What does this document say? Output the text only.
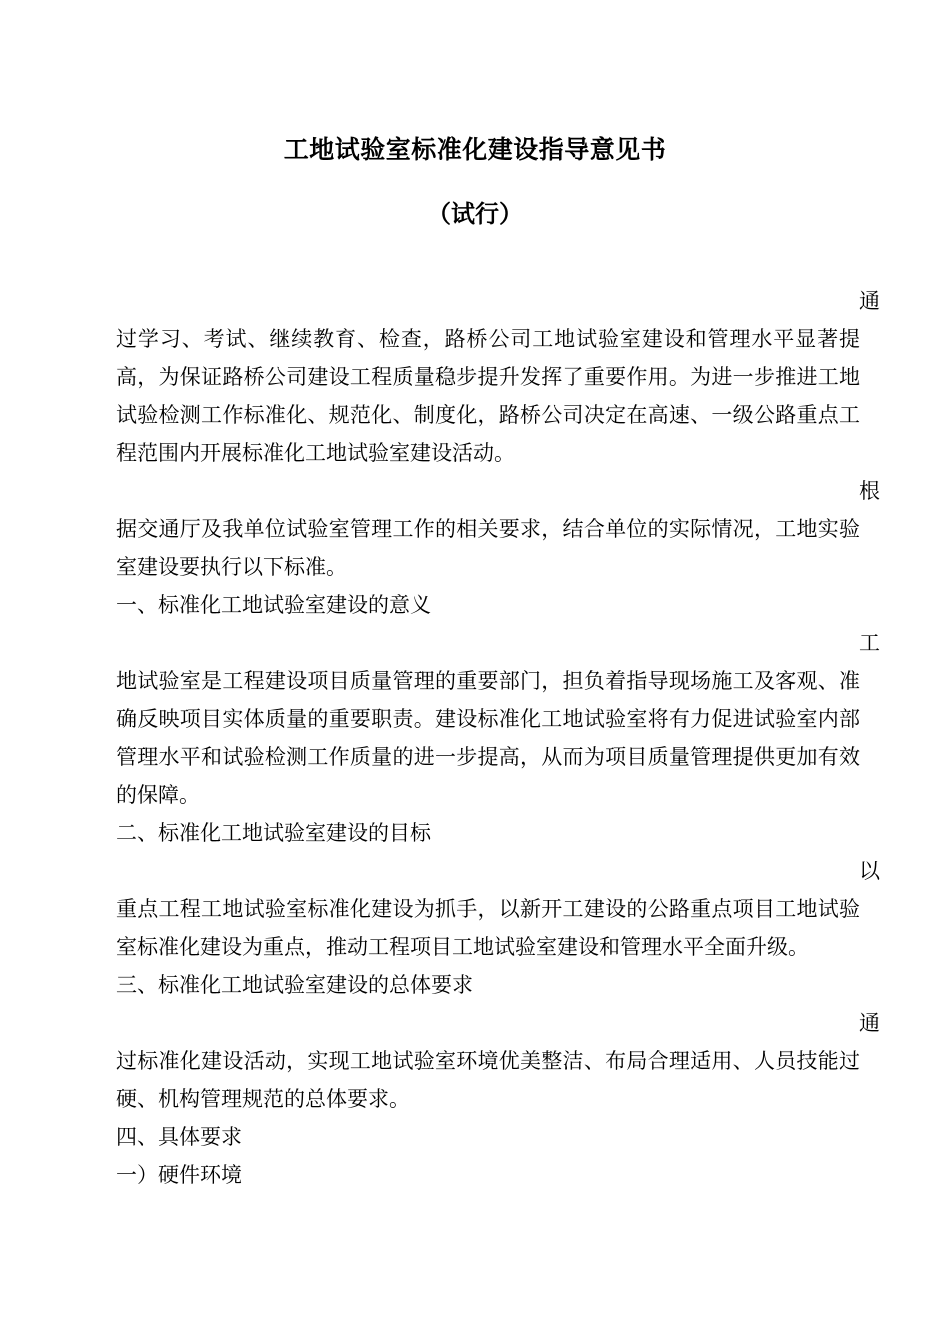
工地试验室标准化建设指导意见书
（试行）
通
过学习、考试、继续教育、检查，路桥公司工地试验室建设和管理水平显著提高，为保证路桥公司建设工程质量稳步提升发挥了重要作用。为进一步推进工地试验检测工作标准化、规范化、制度化，路桥公司决定在高速、一级公路重点工程范围内开展标准化工地试验室建设活动。
根
据交通厅及我单位试验室管理工作的相关要求，结合单位的实际情况，工地实验室建设要执行以下标准。
一、标准化工地试验室建设的意义
工
地试验室是工程建设项目质量管理的重要部门，担负着指导现场施工及客观、准确反映项目实体质量的重要职责。建设标准化工地试验室将有力促进试验室内部管理水平和试验检测工作质量的进一步提高，从而为项目质量管理提供更加有效的保障。
二、标准化工地试验室建设的目标
以
重点工程工地试验室标准化建设为抓手，以新开工建设的公路重点项目工地试验室标准化建设为重点，推动工程项目工地试验室建设和管理水平全面升级。
三、标准化工地试验室建设的总体要求
通
过标准化建设活动，实现工地试验室环境优美整洁、布局合理适用、人员技能过硬、机构管理规范的总体要求。
四、具体要求
一）硬件环境
